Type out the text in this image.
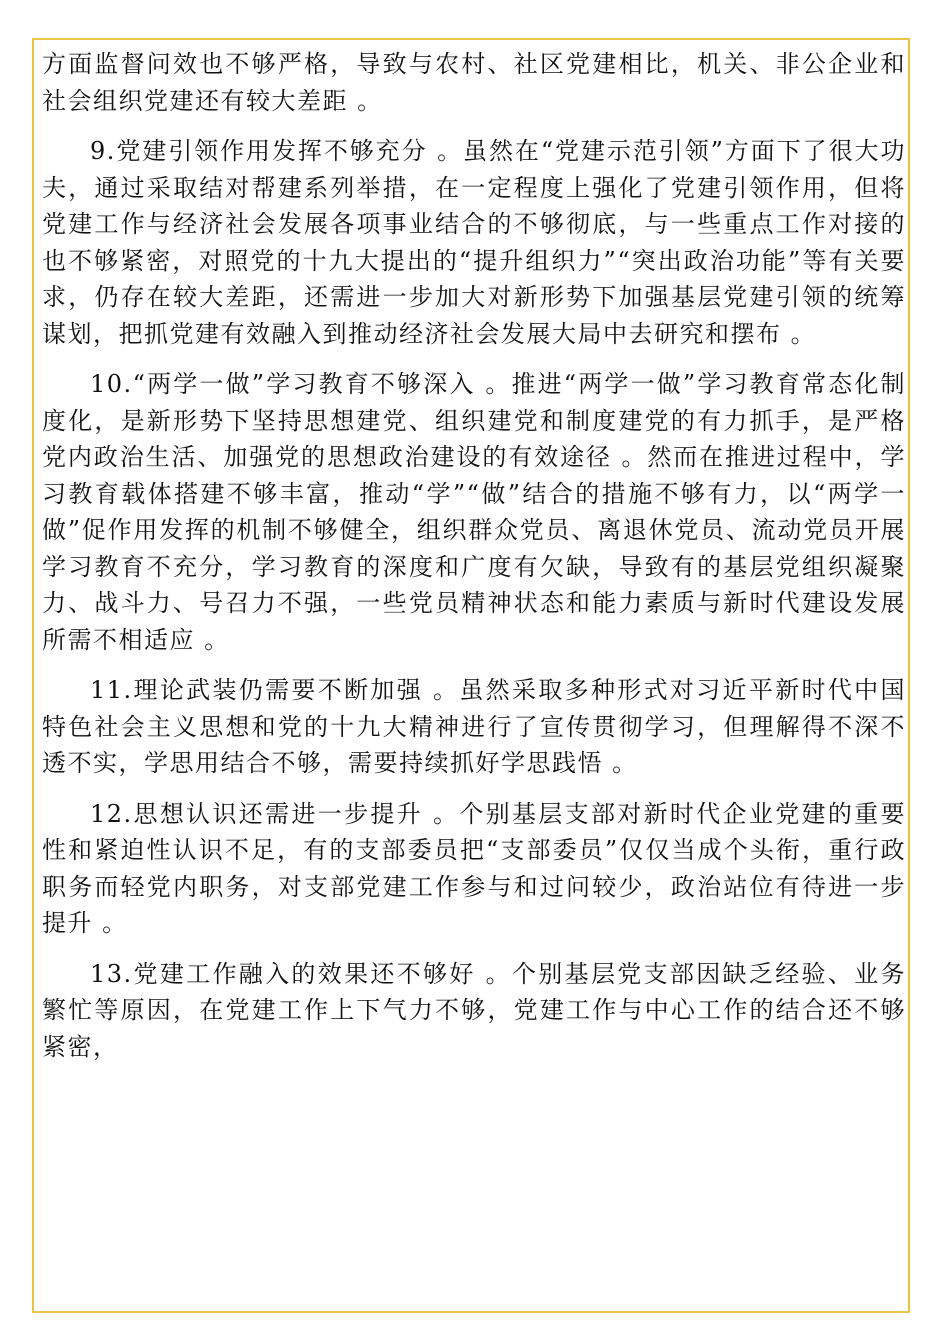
方面监督问效也不够严格，导致与农村、社区党建相比，机关、非公企业和社会组织党建还有较大差距 。

9.党建引领作用发挥不够充分 。虽然在“党建示范引领”方面下了很大功夫，通过采取结对帮建系列举措，在一定程度上强化了党建引领作用，但将党建工作与经济社会发展各项事业结合的不够彻底，与一些重点工作对接的也不够紧密，对照党的十九大提出的“提升组织力”“突出政治功能”等有关要求，仍存在较大差距，还需进一步加大对新形势下加强基层党建引领的统筹谋划，把抓党建有效融入到推动经济社会发展大局中去研究和摆布 。

10.“两学一做”学习教育不够深入 。推进“两学一做”学习教育常态化制度化，是新形势下坚持思想建党、组织建党和制度建党的有力抓手，是严格党内政治生活、加强党的思想政治建设的有效途径 。然而在推进过程中，学习教育载体搭建不够丰富，推动“学”“做”结合的措施不够有力，以“两学一做”促作用发挥的机制不够健全，组织群众党员、离退休党员、流动党员开展学习教育不充分，学习教育的深度和广度有欠缺，导致有的基层党组织凝聚力、战斗力、号召力不强，一些党员精神状态和能力素质与新时代建设发展所需不相适应 。

11.理论武装仍需要不断加强 。虽然采取多种形式对习近平新时代中国特色社会主义思想和党的十九大精神进行了宣传贯彻学习，但理解得不深不透不实，学思用结合不够，需要持续抓好学思践悟 。

12.思想认识还需进一步提升 。个别基层支部对新时代企业党建的重要性和紧迫性认识不足，有的支部委员把“支部委员”仅仅当成个头衔，重行政职务而轻党内职务，对支部党建工作参与和过问较少，政治站位有待进一步提升 。

13.党建工作融入的效果还不够好 。个别基层党支部因缺乏经验、业务繁忙等原因，在党建工作上下气力不够，党建工作与中心工作的结合还不够紧密，
